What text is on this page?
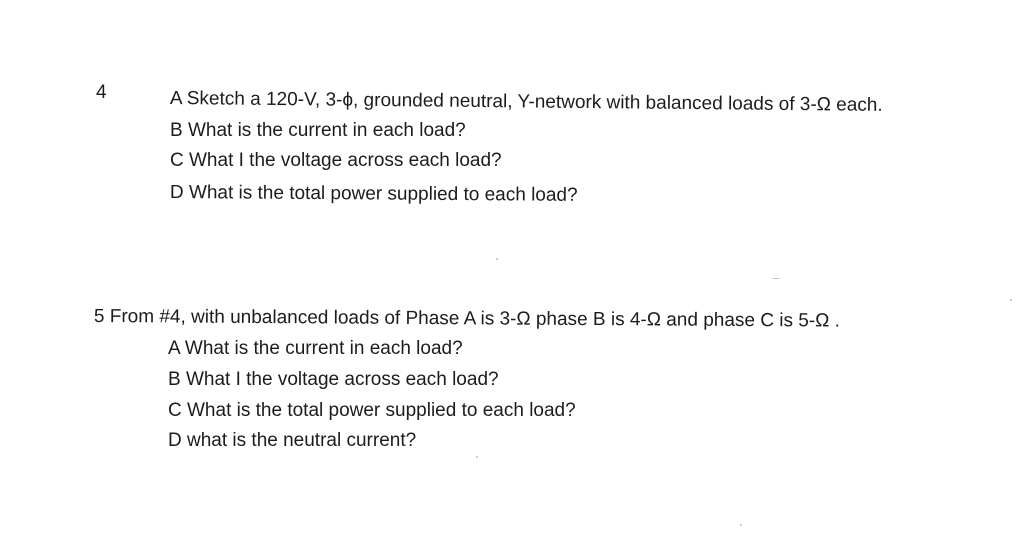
4	A Sketch a 120-V, 3-ϕ, grounded neutral, Y-network with balanced loads of 3-Ω each.
B What is the current in each load?
C What I the voltage across each load?
D What is the total power supplied to each load?
5 From #4, with unbalanced loads of Phase A is 3-Ω phase B is 4-Ω and phase C is 5-Ω .
A What is the current in each load?
B What I the voltage across each load?
C What is the total power supplied to each load?
D what is the neutral current?
